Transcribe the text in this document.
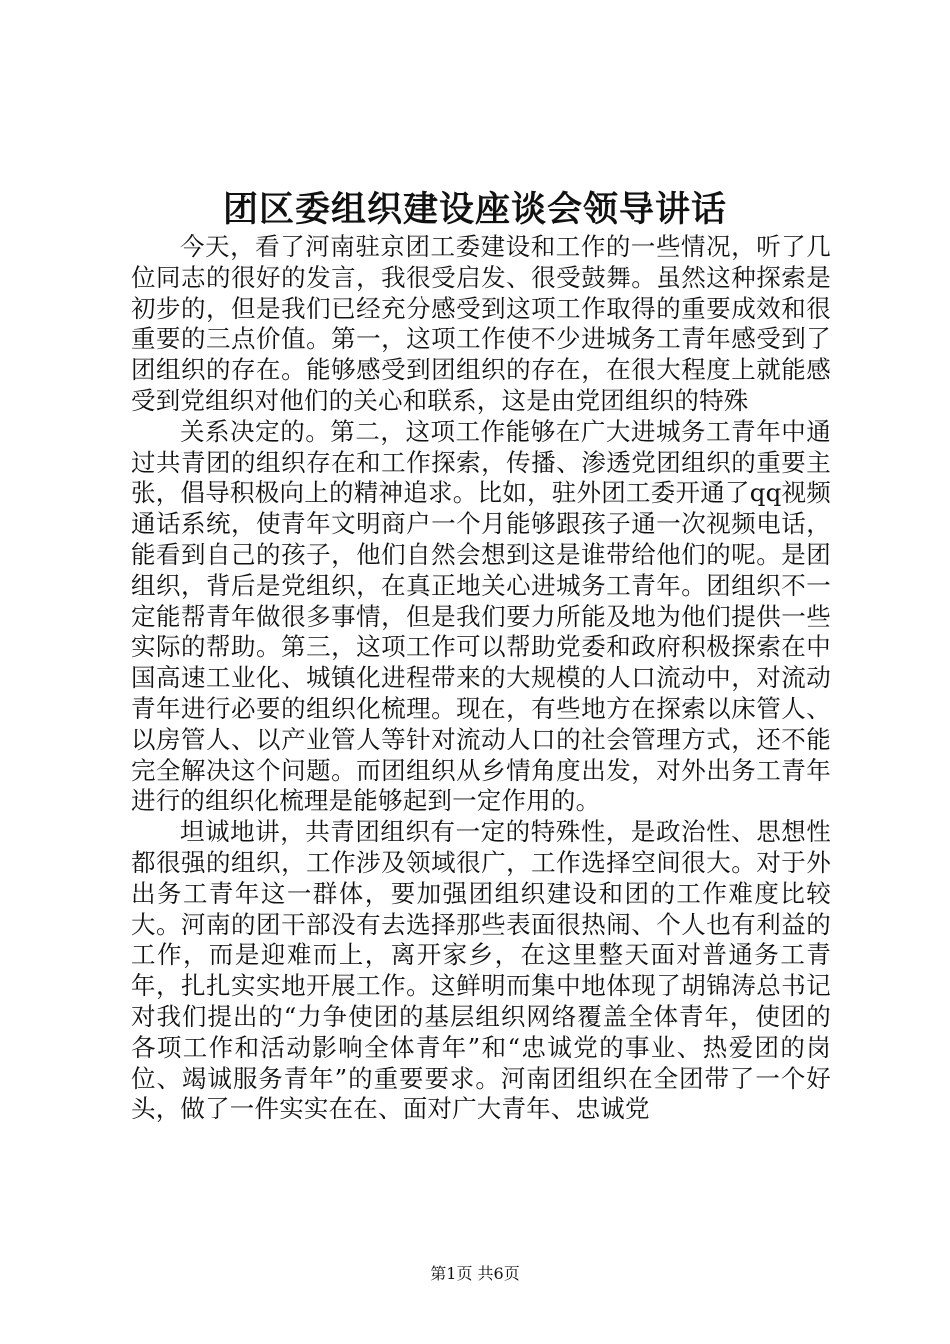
团区委组织建设座谈会领导讲话

今天，看了河南驻京团工委建设和工作的一些情况，听了几位同志的很好的发言，我很受启发、很受鼓舞。虽然这种探索是初步的，但是我们已经充分感受到这项工作取得的重要成效和很重要的三点价值。第一，这项工作使不少进城务工青年感受到了团组织的存在。能够感受到团组织的存在，在很大程度上就能感受到党组织对他们的关心和联系，这是由党团组织的特殊

关系决定的。第二，这项工作能够在广大进城务工青年中通过共青团的组织存在和工作探索，传播、渗透党团组织的重要主张，倡导积极向上的精神追求。比如，驻外团工委开通了qq视频通话系统，使青年文明商户一个月能够跟孩子通一次视频电话，能看到自己的孩子，他们自然会想到这是谁带给他们的呢。是团组织，背后是党组织，在真正地关心进城务工青年。团组织不一定能帮青年做很多事情，但是我们要力所能及地为他们提供一些实际的帮助。第三，这项工作可以帮助党委和政府积极探索在中国高速工业化、城镇化进程带来的大规模的人口流动中，对流动青年进行必要的组织化梳理。现在，有些地方在探索以床管人、以房管人、以产业管人等针对流动人口的社会管理方式，还不能完全解决这个问题。而团组织从乡情角度出发，对外出务工青年进行的组织化梳理是能够起到一定作用的。

坦诚地讲，共青团组织有一定的特殊性，是政治性、思想性都很强的组织，工作涉及领域很广，工作选择空间很大。对于外出务工青年这一群体，要加强团组织建设和团的工作难度比较大。河南的团干部没有去选择那些表面很热闹、个人也有利益的工作，而是迎难而上，离开家乡，在这里整天面对普通务工青年，扎扎实实地开展工作。这鲜明而集中地体现了胡锦涛总书记对我们提出的“力争使团的基层组织网络覆盖全体青年，使团的各项工作和活动影响全体青年”和“忠诚党的事业、热爱团的岗位、竭诚服务青年”的重要要求。河南团组织在全团带了一个好头，做了一件实实在在、面对广大青年、忠诚党

第1页 共6页
